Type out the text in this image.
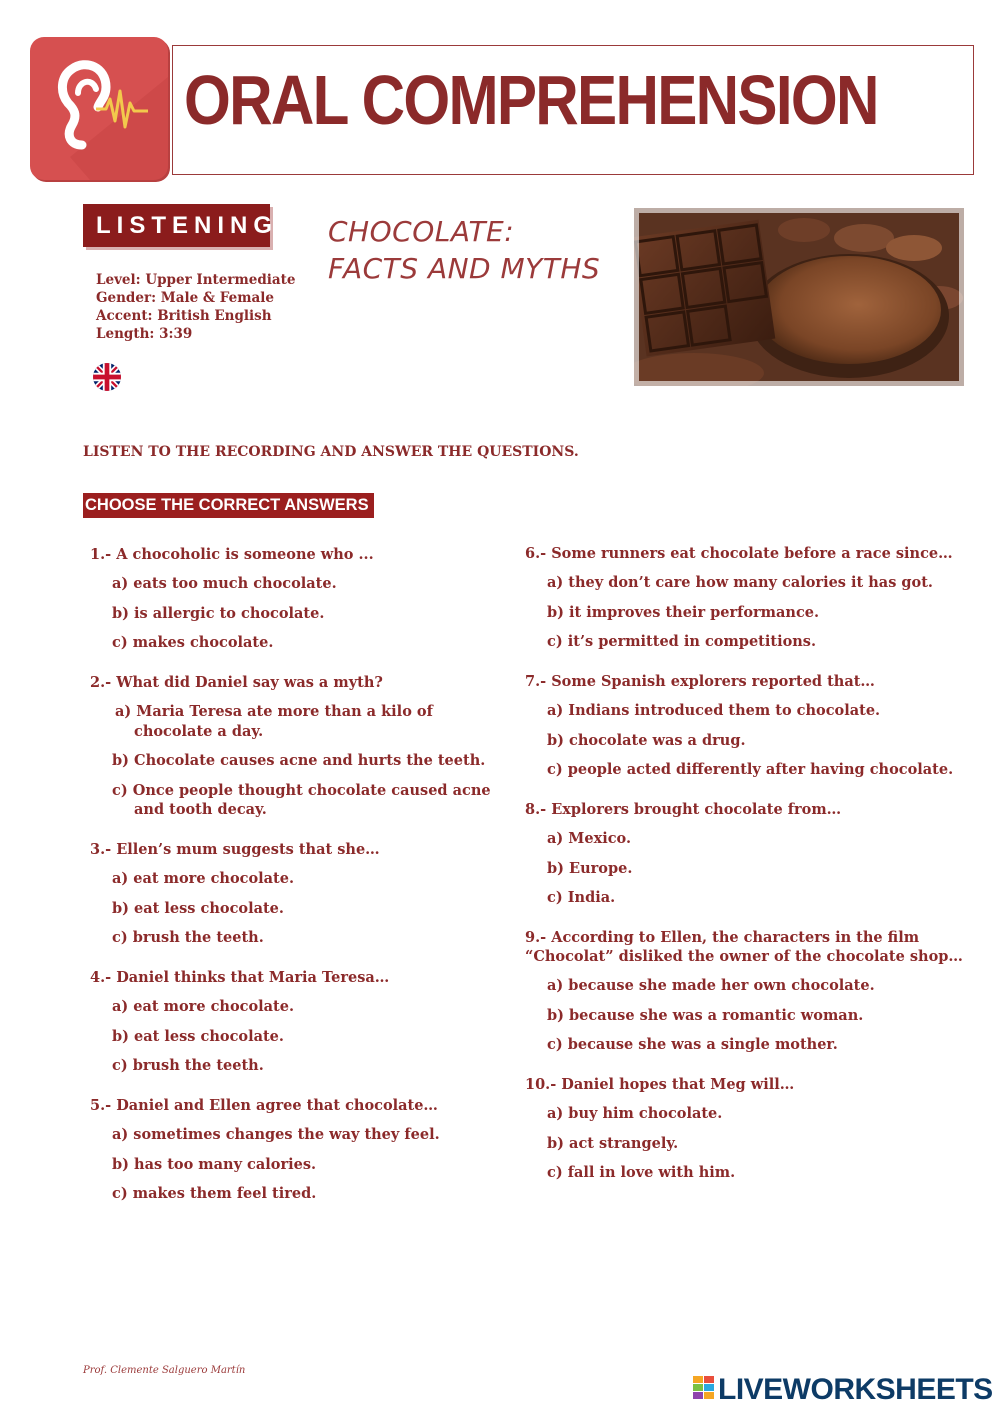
ORAL COMPREHENSION
LISTENING
Level: Upper Intermediate
Gender: Male & Female
Accent: British English
Length: 3:39
CHOCOLATE:
FACTS AND MYTHS
LISTEN TO THE RECORDING AND ANSWER THE QUESTIONS.
CHOOSE THE CORRECT ANSWERS
1.- A chocoholic is someone who ...
a) eats too much chocolate.
b) is allergic to chocolate.
c) makes chocolate.
2.- What did Daniel say was a myth?
a) Maria Teresa ate more than a kilo of
chocolate a day.
b) Chocolate causes acne and hurts the teeth.
c) Once people thought chocolate caused acne
and tooth decay.
3.- Ellen’s mum suggests that she…
a) eat more chocolate.
b) eat less chocolate.
c) brush the teeth.
4.- Daniel thinks that Maria Teresa…
a) eat more chocolate.
b) eat less chocolate.
c) brush the teeth.
5.- Daniel and Ellen agree that chocolate…
a) sometimes changes the way they feel.
b) has too many calories.
c) makes them feel tired.
6.- Some runners eat chocolate before a race since…
a) they don’t care how many calories it has got.
b) it improves their performance.
c) it’s permitted in competitions.
7.- Some Spanish explorers reported that…
a) Indians introduced them to chocolate.
b) chocolate was a drug.
c) people acted differently after having chocolate.
8.- Explorers brought chocolate from…
a) Mexico.
b) Europe.
c) India.
9.- According to Ellen, the characters in the film
“Chocolat” disliked the owner of the chocolate shop…
a) because she made her own chocolate.
b) because she was a romantic woman.
c) because she was a single mother.
10.- Daniel hopes that Meg will…
a) buy him chocolate.
b) act strangely.
c) fall in love with him.
Prof. Clemente Salguero Martín
LIVEWORKSHEETS
